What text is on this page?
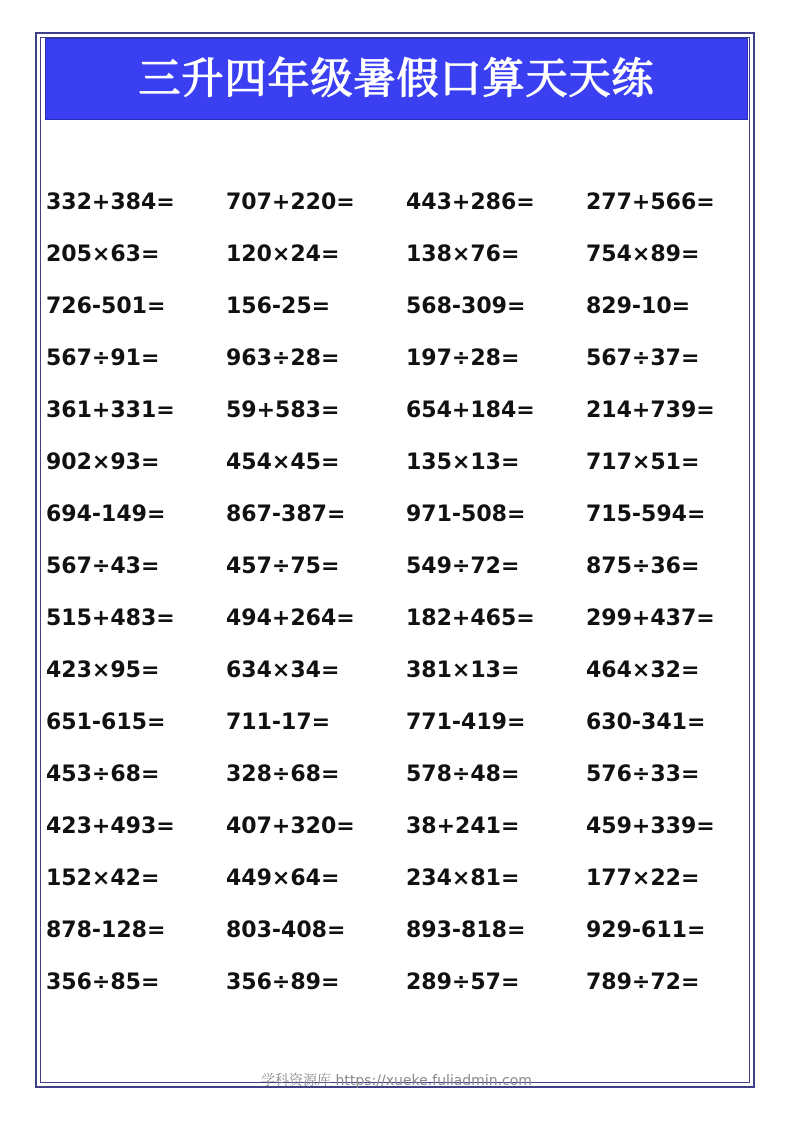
三升四年级暑假口算天天练
332+384=	707+220=	443+286=	277+566=
205×63=	120×24=	138×76=	754×89=
726-501=	156-25=	568-309=	829-10=
567÷91=	963÷28=	197÷28=	567÷37=
361+331=	59+583=	654+184=	214+739=
902×93=	454×45=	135×13=	717×51=
694-149=	867-387=	971-508=	715-594=
567÷43=	457÷75=	549÷72=	875÷36=
515+483=	494+264=	182+465=	299+437=
423×95=	634×34=	381×13=	464×32=
651-615=	711-17=	771-419=	630-341=
453÷68=	328÷68=	578÷48=	576÷33=
423+493=	407+320=	38+241=	459+339=
152×42=	449×64=	234×81=	177×22=
878-128=	803-408=	893-818=	929-611=
356÷85=	356÷89=	289÷57=	789÷72=
学科资源库 https://xueke.fuliadmin.com
